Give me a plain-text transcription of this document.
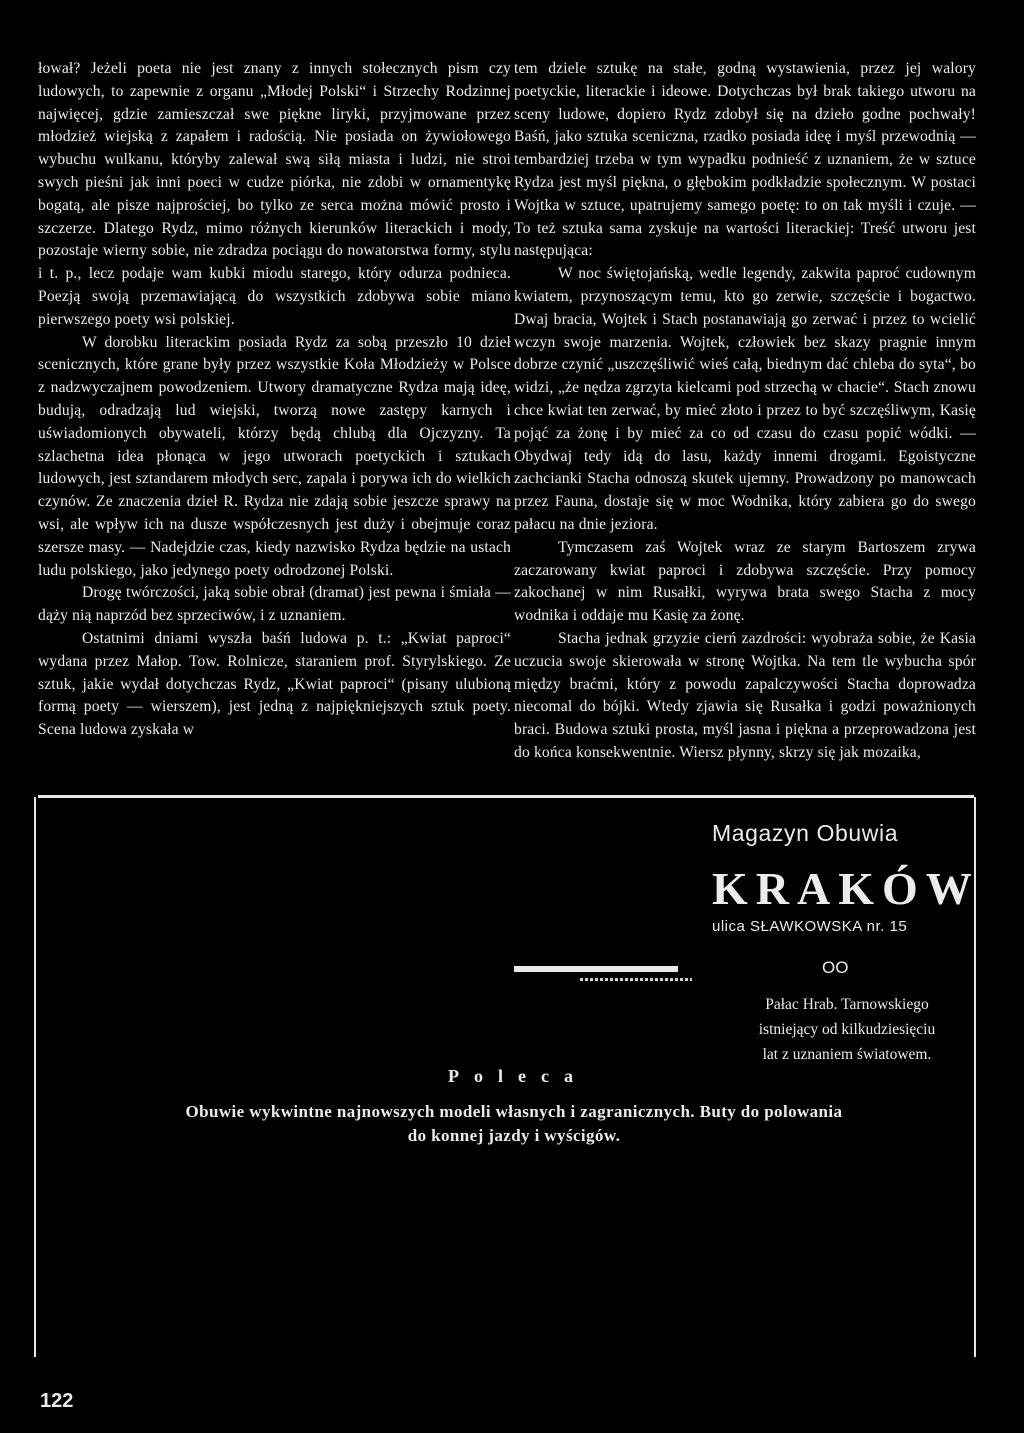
łował? Jeżeli poeta nie jest znany z innych stołecznych pism czy ludowych, to zapewnie z organu „Młodej Polski“ i Strzechy Rodzinnej najwięcej, gdzie zamieszczał swe piękne liryki, przyjmowane przez młodzież wiejską z zapałem i radością. Nie posiada on żywiołowego wybuchu wulkanu, któryby zalewał swą siłą miasta i ludzi, nie stroi swych pieśni jak inni poeci w cudze piórka, nie zdobi w ornamentykę bogatą, ale pisze najprościej, bo tylko ze serca można mówić prosto i szczerze. Dlatego Rydz, mimo różnych kierunków literackich i mody, pozostaje wierny sobie, nie zdradza pociągu do nowatorstwa formy, stylu i t. p., lecz podaje wam kubki miodu starego, który odurza podnieca. Poezją swoją przemawiającą do wszystkich zdobywa sobie miano pierwszego poety wsi polskiej.

W dorobku literackim posiada Rydz za sobą przeszło 10 dzieł scenicznych, które grane były przez wszystkie Koła Młodzieży w Polsce z nadzwyczajnem powodzeniem. Utwory dramatyczne Rydza mają ideę, budują, odradzają lud wiejski, tworzą nowe zastępy karnych i uświadomionych obywateli, którzy będą chlubą dla Ojczyzny. Ta szlachetna idea płonąca w jego utworach poetyckich i sztukach ludowych, jest sztandarem młodych serc, zapala i porywa ich do wielkich czynów. Ze znaczenia dzieł R. Rydza nie zdają sobie jeszcze sprawy na wsi, ale wpływ ich na dusze współczesnych jest duży i obejmuje coraz szersze masy. — Nadejdzie czas, kiedy nazwisko Rydza będzie na ustach ludu polskiego, jako jedynego poety odrodzonej Polski.

Drogę twórczości, jaką sobie obrał (dramat) jest pewna i śmiała — dąży nią naprzód bez sprzeciwów, i z uznaniem.

Ostatnimi dniami wyszła baśń ludowa p. t.: „Kwiat paproci“ wydana przez Małop. Tow. Rolnicze, staraniem prof. Styrylskiego. Ze sztuk, jakie wydał dotychczas Rydz, „Kwiat paproci“ (pisany ulubioną formą poety — wierszem), jest jedną z najpiękniejszych sztuk poety. Scena ludowa zyskała w

tem dziele sztukę na stałe, godną wystawienia, przez jej walory poetyckie, literackie i ideowe. Dotychczas był brak takiego utworu na sceny ludowe, dopiero Rydz zdobył się na dzieło godne pochwały! Baśń, jako sztuka sceniczna, rzadko posiada ideę i myśl przewodnią — tembardziej trzeba w tym wypadku podnieść z uznaniem, że w sztuce Rydza jest myśl piękna, o głębokim podkładzie społecznym. W postaci Wojtka w sztuce, upatrujemy samego poetę: to on tak myśli i czuje. — To też sztuka sama zyskuje na wartości literackiej: Treść utworu jest następująca:

W noc świętojańską, wedle legendy, zakwita paproć cudownym kwiatem, przynoszącym temu, kto go zerwie, szczęście i bogactwo. Dwaj bracia, Wojtek i Stach postanawiają go zerwać i przez to wcielić wczyn swoje marzenia. Wojtek, człowiek bez skazy pragnie innym dobrze czynić „uszczęśliwić wieś całą, biednym dać chleba do syta“, bo widzi, „że nędza zgrzyta kielcami pod strzechą w chacie“. Stach znowu chce kwiat ten zerwać, by mieć złoto i przez to być szczęśliwym, Kasię pojąć za żonę i by mieć za co od czasu do czasu popić wódki. — Obydwaj tedy idą do lasu, każdy innemi drogami. Egoistyczne zachcianki Stacha odnoszą skutek ujemny. Prowadzony po manowcach przez Fauna, dostaje się w moc Wodnika, który zabiera go do swego pałacu na dnie jeziora.

Tymczasem zaś Wojtek wraz ze starym Bartoszem zrywa zaczarowany kwiat paproci i zdobywa szczęście. Przy pomocy zakochanej w nim Rusałki, wyrywa brata swego Stacha z mocy wodnika i oddaje mu Kasię za żonę.

Stacha jednak grzyzie cierń zazdrości: wyobraża sobie, że Kasia uczucia swoje skierowała w stronę Wojtka. Na tem tle wybucha spór między braćmi, który z powodu zapalczywości Stacha doprowadza niecomal do bójki. Wtedy zjawia się Rusałka i godzi poważnionych braci. Budowa sztuki prosta, myśl jasna i piękna a przeprowadzona jest do końca konsekwentnie. Wiersz płynny, skrzy się jak mozaika,

Magazyn Obuwia
KRAKÓW
ulica SŁAWKOWSKA nr. 15
OO
Pałac Hrab. Tarnowskiego
istniejący od kilkudziesięciu
lat z uznaniem światowem.
Poleca
Obuwie wykwintne najnowszych modeli własnych i zagranicznych. Buty do polowania
do konnej jazdy i wyścigów.
122
